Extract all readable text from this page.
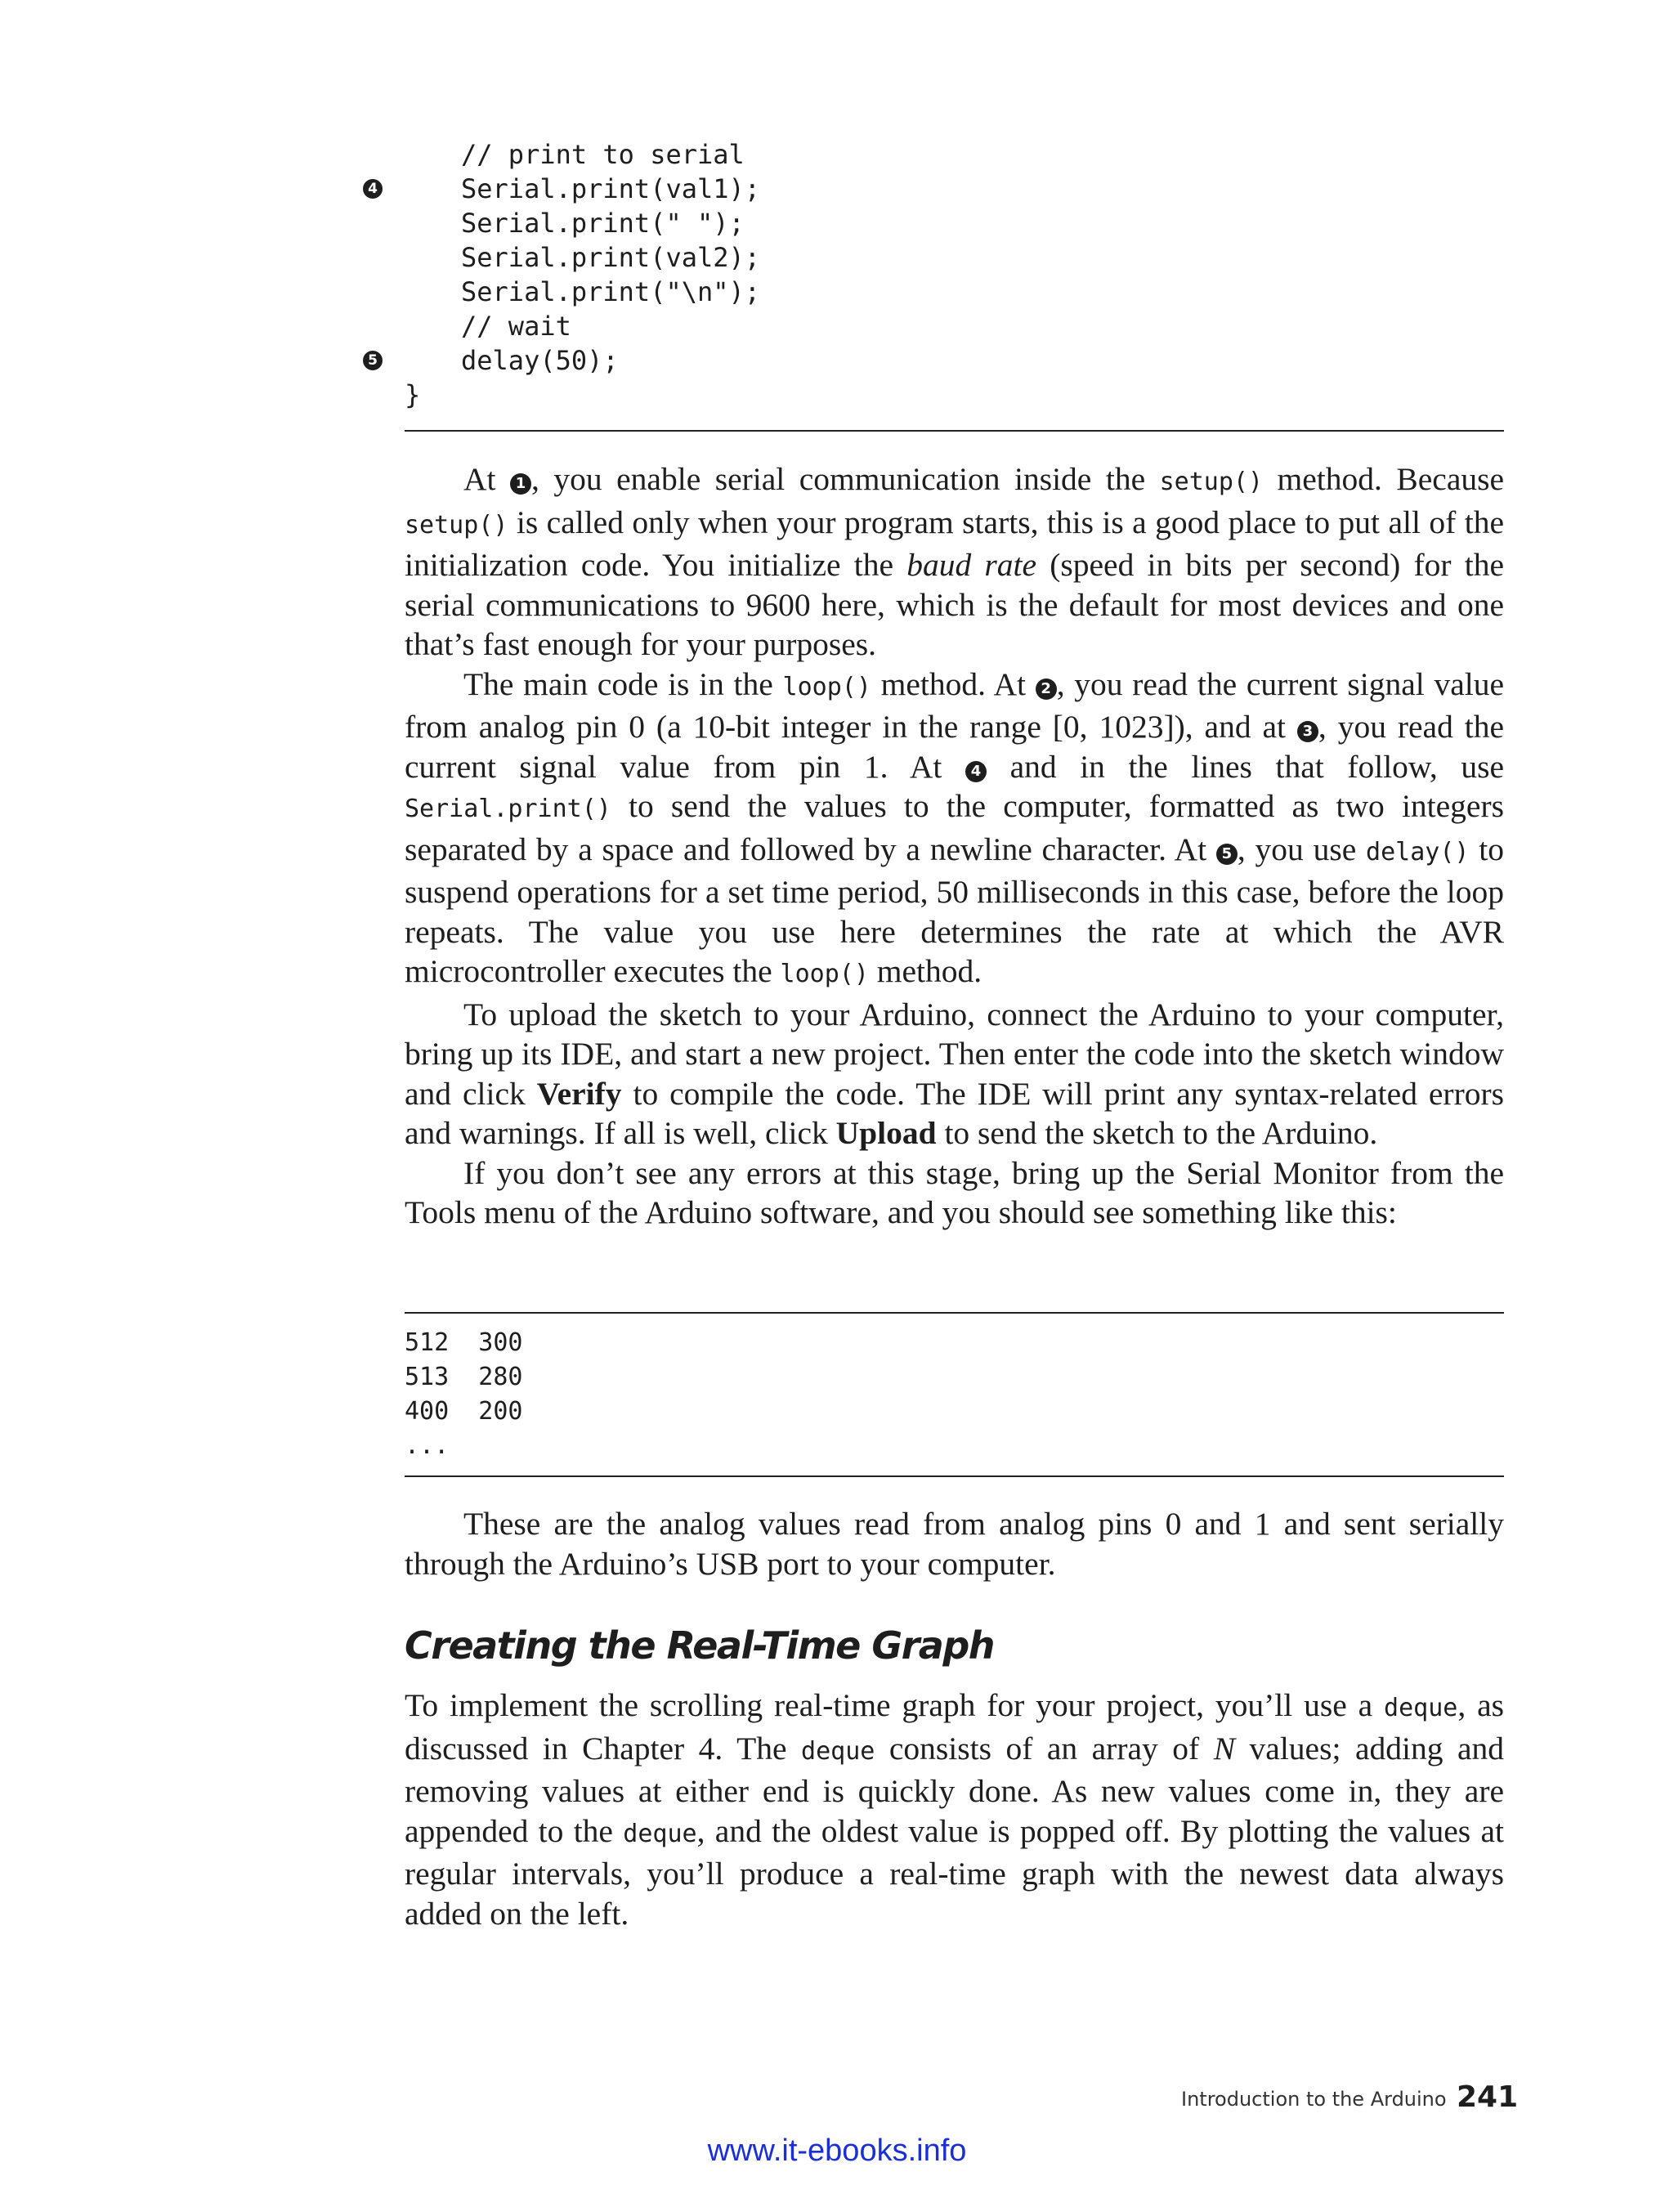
// print to serial
4	Serial.print(val1);
Serial.print(" ");
Serial.print(val2);
Serial.print("\n");
// wait
5	delay(50);
}

At 1 , you enable serial communication inside the setup() method. Because setup() is called only when your program starts, this is a good place to put all of the initialization code. You initialize the baud rate (speed in bits per second) for the serial communications to 9600 here, which is the default for most devices and one that’s fast enough for your purposes.

The main code is in the loop() method. At 2 , you read the current signal value from analog pin 0 (a 10-bit integer in the range [0, 1023]), and at 3 , you read the current signal value from pin 1. At 4 and in the lines that follow, use Serial.print() to send the values to the computer, formatted as two integers separated by a space and followed by a newline character. At 5 , you use delay() to suspend operations for a set time period, 50 milliseconds in this case, before the loop repeats. The value you use here determines the rate at which the AVR microcontroller executes the loop() method.

To upload the sketch to your Arduino, connect the Arduino to your computer, bring up its IDE, and start a new project. Then enter the code into the sketch window and click Verify to compile the code. The IDE will print any syntax-related errors and warnings. If all is well, click Upload to send the sketch to the Arduino.

If you don’t see any errors at this stage, bring up the Serial Monitor from the Tools menu of the Arduino software, and you should see something like this:

512  300
513  280
400  200
...

These are the analog values read from analog pins 0 and 1 and sent serially through the Arduino’s USB port to your computer.

Creating the Real-Time Graph

To implement the scrolling real-time graph for your project, you’ll use a deque, as discussed in Chapter 4. The deque consists of an array of N values; adding and removing values at either end is quickly done. As new values come in, they are appended to the deque, and the oldest value is popped off. By plotting the values at regular intervals, you’ll produce a real-time graph with the newest data always added on the left.

Introduction to the Arduino 241
www.it-ebooks.info
